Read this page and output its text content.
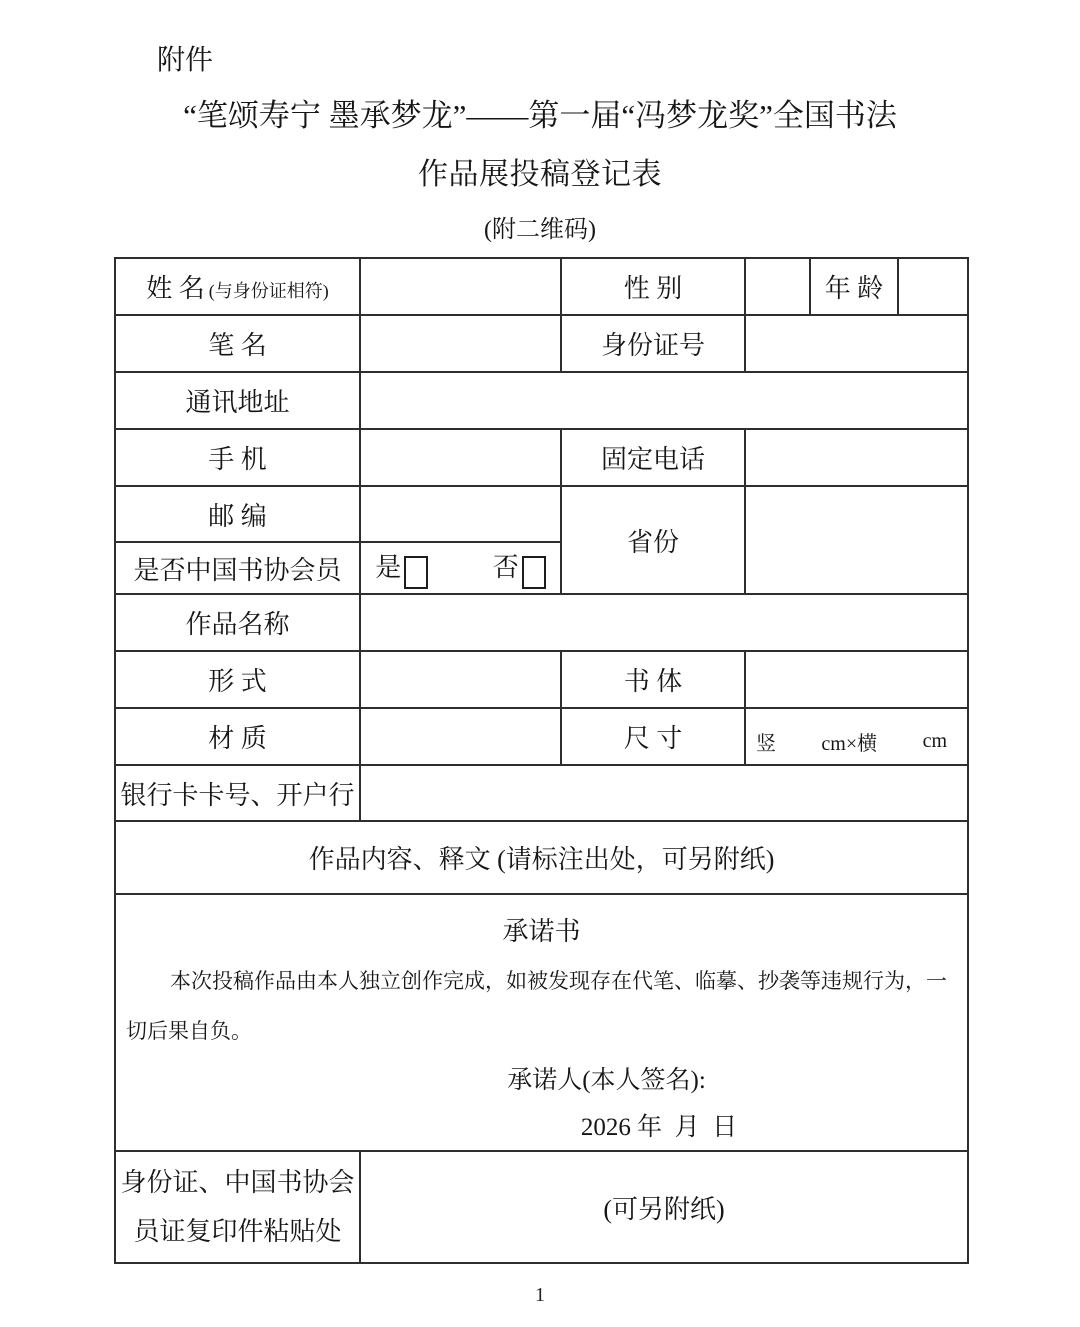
附件
“笔颂寿宁 墨承梦龙”——第一届“冯梦龙奖”全国书法
作品展投稿登记表
(附二维码)
姓 名 (与身份证相符)		性 别		年 龄	
笔 名		身份证号			
通讯地址					
手 机		固定电话			
邮 编		省份			
是否中国书协会员	是 否				
作品名称					
形 式		书 体			
材 质		尺 寸	竖 cm×横 cm		

银行卡卡号、开户行					
作品内容、释文 (请标注出处，可另附纸)					

承诺书
本次投稿作品由本人独立创作完成，如被发现存在代笔、临摹、抄袭等违规行为，一
切后果自负。
承诺人(本人签名):
2026 年  月  日					

身份证、中国书协会
员证复印件粘贴处	(可另附纸)				
1
